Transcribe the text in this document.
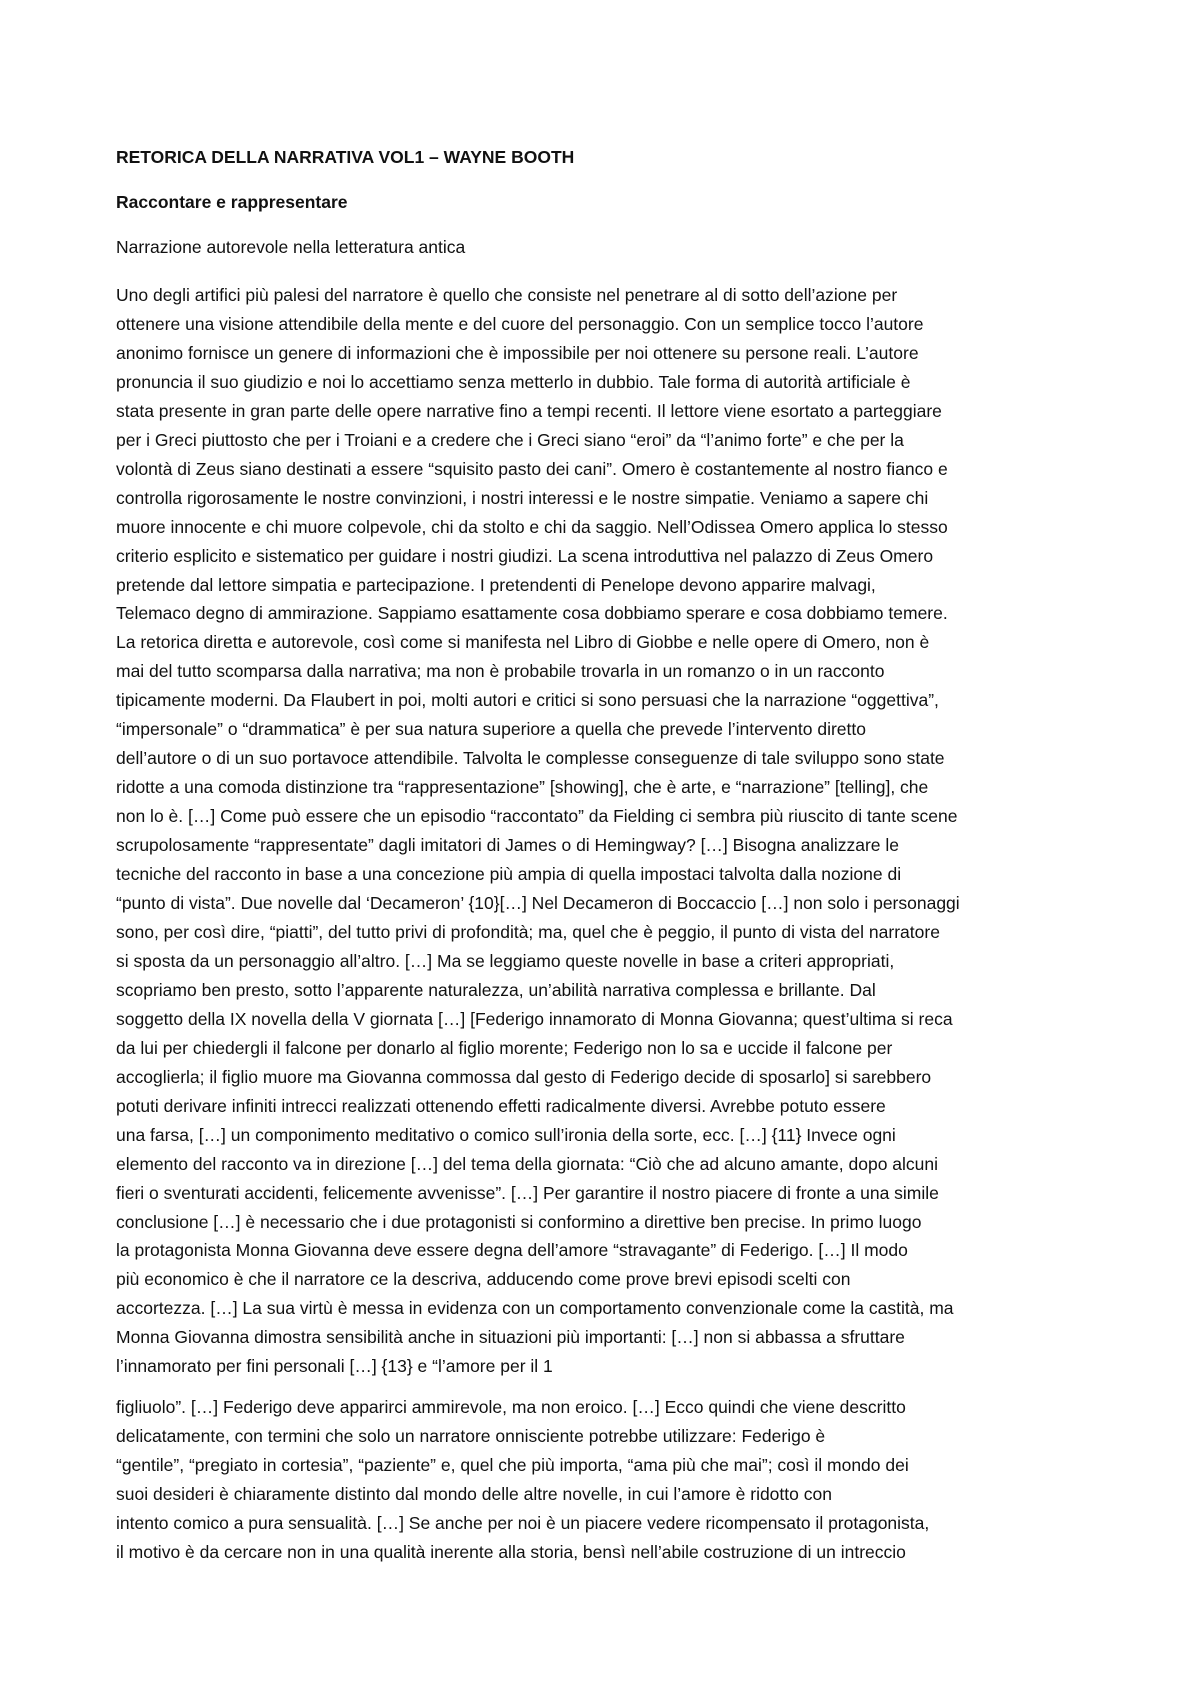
RETORICA DELLA NARRATIVA VOL1 – WAYNE BOOTH
Raccontare e rappresentare
Narrazione autorevole nella letteratura antica
Uno degli artifici più palesi del narratore è quello che consiste nel penetrare al di sotto dell’azione per
ottenere una visione attendibile della mente e del cuore del personaggio. Con un semplice tocco l’autore
anonimo fornisce un genere di informazioni che è impossibile per noi ottenere su persone reali. L’autore
pronuncia il suo giudizio e noi lo accettiamo senza metterlo in dubbio. Tale forma di autorità artificiale è
stata presente in gran parte delle opere narrative fino a tempi recenti. Il lettore viene esortato a parteggiare
per i Greci piuttosto che per i Troiani e a credere che i Greci siano “eroi” da “l’animo forte” e che per la
volontà di Zeus siano destinati a essere “squisito pasto dei cani”. Omero è costantemente al nostro fianco e
controlla rigorosamente le nostre convinzioni, i nostri interessi e le nostre simpatie. Veniamo a sapere chi
muore innocente e chi muore colpevole, chi da stolto e chi da saggio. Nell’Odissea Omero applica lo stesso
criterio esplicito e sistematico per guidare i nostri giudizi. La scena introduttiva nel palazzo di Zeus Omero
pretende dal lettore simpatia e partecipazione. I pretendenti di Penelope devono apparire malvagi,
Telemaco degno di ammirazione. Sappiamo esattamente cosa dobbiamo sperare e cosa dobbiamo temere.
La retorica diretta e autorevole, così come si manifesta nel Libro di Giobbe e nelle opere di Omero, non è
mai del tutto scomparsa dalla narrativa; ma non è probabile trovarla in un romanzo o in un racconto
tipicamente moderni. Da Flaubert in poi, molti autori e critici si sono persuasi che la narrazione “oggettiva”,
“impersonale” o “drammatica” è per sua natura superiore a quella che prevede l’intervento diretto
dell’autore o di un suo portavoce attendibile. Talvolta le complesse conseguenze di tale sviluppo sono state
ridotte a una comoda distinzione tra “rappresentazione” [showing], che è arte, e “narrazione” [telling], che
non lo è. […] Come può essere che un episodio “raccontato” da Fielding ci sembra più riuscito di tante scene
scrupolosamente “rappresentate” dagli imitatori di James o di Hemingway? […] Bisogna analizzare le
tecniche del racconto in base a una concezione più ampia di quella impostaci talvolta dalla nozione di
“punto di vista”. Due novelle dal ‘Decameron’ {10}[…] Nel Decameron di Boccaccio […] non solo i personaggi
sono, per così dire, “piatti”, del tutto privi di profondità; ma, quel che è peggio, il punto di vista del narratore
si sposta da un personaggio all’altro. […] Ma se leggiamo queste novelle in base a criteri appropriati,
scopriamo ben presto, sotto l’apparente naturalezza, un’abilità narrativa complessa e brillante. Dal
soggetto della IX novella della V giornata […] [Federigo innamorato di Monna Giovanna; quest’ultima si reca
da lui per chiedergli il falcone per donarlo al figlio morente; Federigo non lo sa e uccide il falcone per
accoglierla; il figlio muore ma Giovanna commossa dal gesto di Federigo decide di sposarlo] si sarebbero
potuti derivare infiniti intrecci realizzati ottenendo effetti radicalmente diversi. Avrebbe potuto essere
una farsa, […] un componimento meditativo o comico sull’ironia della sorte, ecc. […] {11} Invece ogni
elemento del racconto va in direzione […] del tema della giornata: “Ciò che ad alcuno amante, dopo alcuni
fieri o sventurati accidenti, felicemente avvenisse”. […] Per garantire il nostro piacere di fronte a una simile
conclusione […] è necessario che i due protagonisti si conformino a direttive ben precise. In primo luogo
la protagonista Monna Giovanna deve essere degna dell’amore “stravagante” di Federigo. […] Il modo
più economico è che il narratore ce la descriva, adducendo come prove brevi episodi scelti con
accortezza. […] La sua virtù è messa in evidenza con un comportamento convenzionale come la castità, ma
Monna Giovanna dimostra sensibilità anche in situazioni più importanti: […] non si abbassa a sfruttare
l’innamorato per fini personali […] {13} e “l’amore per il 1
figliuolo”. […] Federigo deve apparirci ammirevole, ma non eroico. […] Ecco quindi che viene descritto
delicatamente, con termini che solo un narratore onnisciente potrebbe utilizzare: Federigo è
“gentile”, “pregiato in cortesia”, “paziente” e, quel che più importa, “ama più che mai”; così il mondo dei
suoi desideri è chiaramente distinto dal mondo delle altre novelle, in cui l’amore è ridotto con
intento comico a pura sensualità. […] Se anche per noi è un piacere vedere ricompensato il protagonista,
il motivo è da cercare non in una qualità inerente alla storia, bensì nell’abile costruzione di un intreccio
